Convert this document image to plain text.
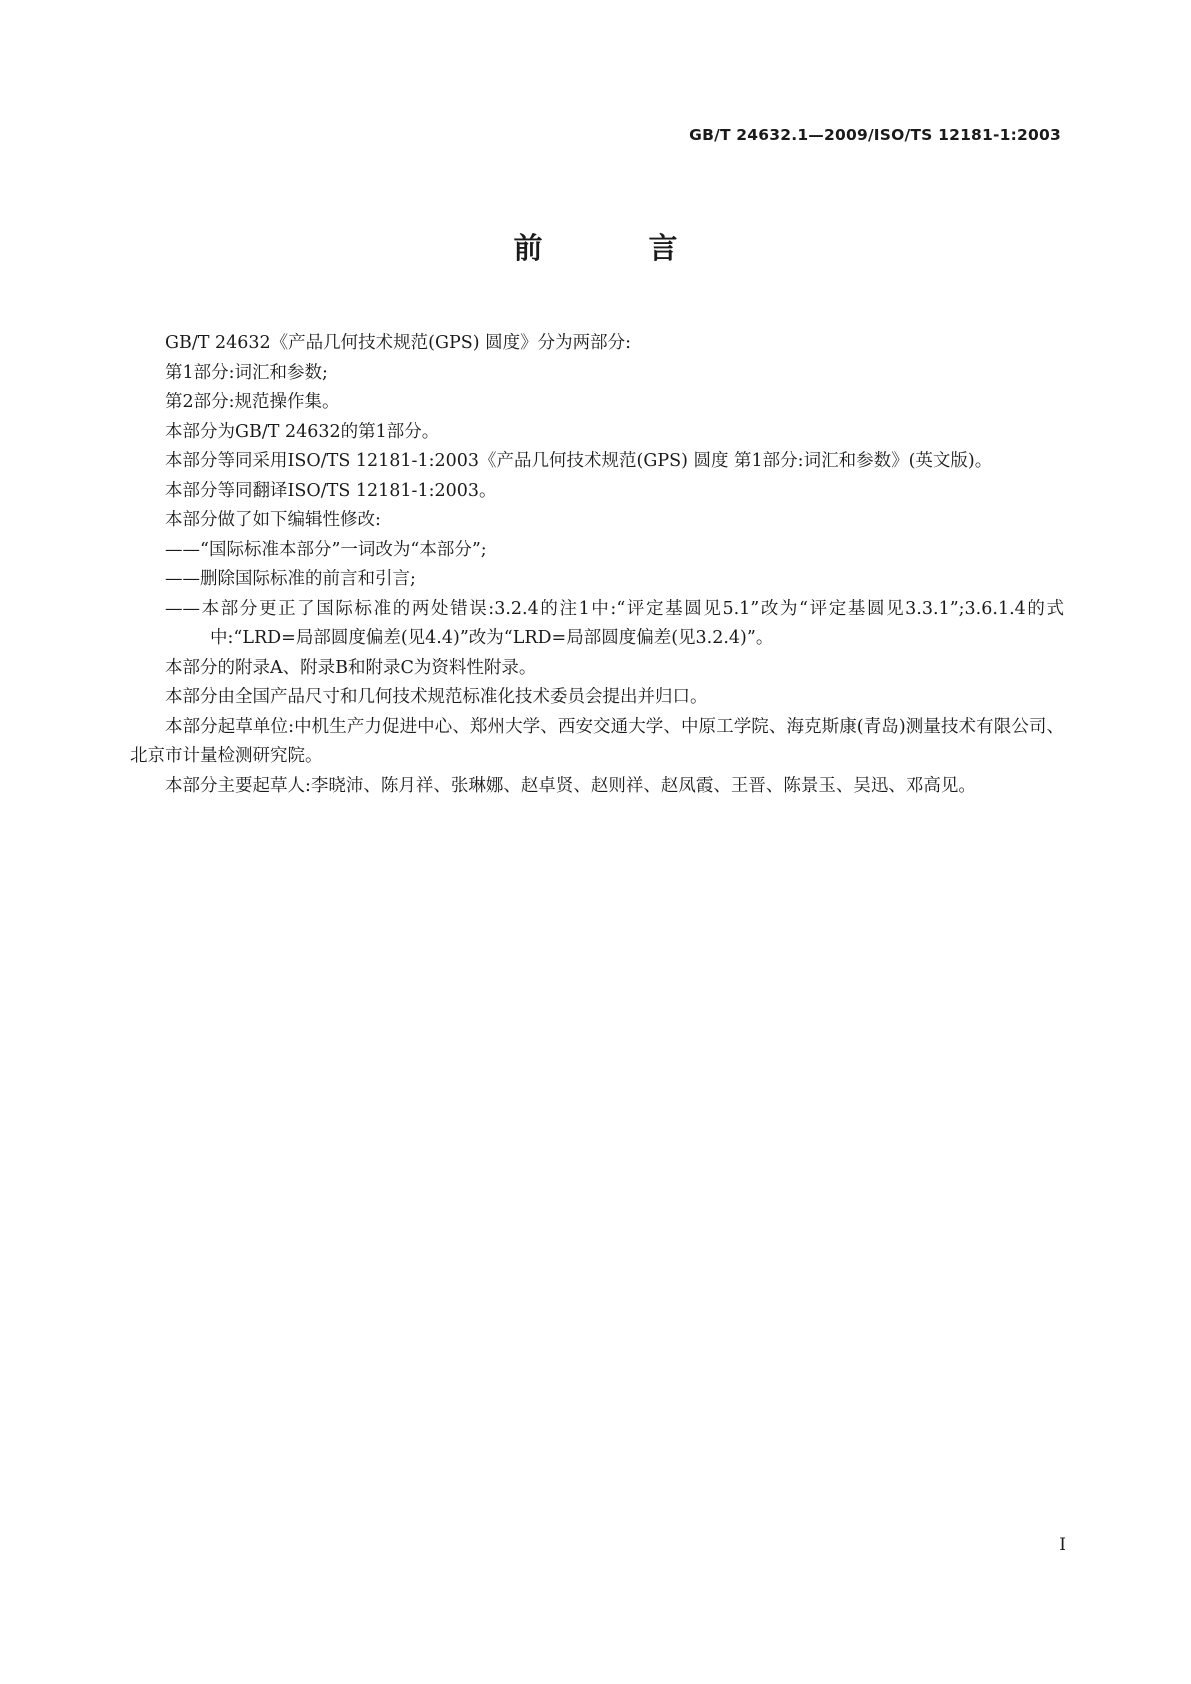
GB/T 24632.1—2009/ISO/TS 12181-1:2003
前 言

GB/T 24632《产品几何技术规范(GPS) 圆度》分为两部分:

第1部分:词汇和参数;

第2部分:规范操作集。

本部分为GB/T 24632的第1部分。

本部分等同采用ISO/TS 12181-1:2003《产品几何技术规范(GPS) 圆度 第1部分:词汇和参数》(英文版)。

本部分等同翻译ISO/TS 12181-1:2003。

本部分做了如下编辑性修改:

——“国际标准本部分”一词改为“本部分”;

——删除国际标准的前言和引言;

——本部分更正了国际标准的两处错误:3.2.4的注1中:“评定基圆见5.1”改为“评定基圆见3.3.1”;3.6.1.4的式中:“LRD=局部圆度偏差(见4.4)”改为“LRD=局部圆度偏差(见3.2.4)”。

本部分的附录A、附录B和附录C为资料性附录。

本部分由全国产品尺寸和几何技术规范标准化技术委员会提出并归口。

本部分起草单位:中机生产力促进中心、郑州大学、西安交通大学、中原工学院、海克斯康(青岛)测量技术有限公司、北京市计量检测研究院。

本部分主要起草人:李晓沛、陈月祥、张琳娜、赵卓贤、赵则祥、赵凤霞、王晋、陈景玉、吴迅、邓高见。

I
